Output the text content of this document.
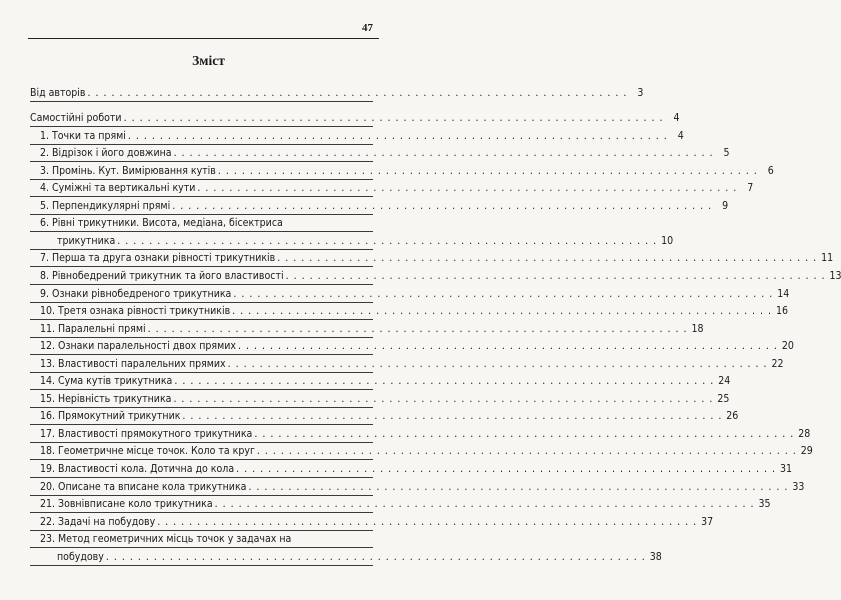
47
Зміст
Від авторів . . .	3
Самостійні роботи . . .	4
1. Точки та прямі . . .	4
2. Відрізок і його довжина . . .	5
3. Промінь. Кут. Вимірювання кутів . . .	6
4. Суміжні та вертикальні кути . . .	7
5. Перпендикулярні прямі . . .	9
6. Рівні трикутники. Висота, медіана, бісектриса
трикутника . . .	10
7. Перша та друга ознаки рівності трикутників . . .	11
8. Рівнобедрений трикутник та його властивості . . .	13
9. Ознаки рівнобедреного трикутника . . .	14
10. Третя ознака рівності трикутників . . .	16
11. Паралельні прямі . . .	18
12. Ознаки паралельності двох прямих . . .	20
13. Властивості паралельних прямих . . .	22
14. Сума кутів трикутника . . .	24
15. Нерівність трикутника . . .	25
16. Прямокутний трикутник . . .	26
17. Властивості прямокутного трикутника . . .	28
18. Геометричне місце точок. Коло та круг . . .	29
19. Властивості кола. Дотична до кола . . .	31
20. Описане та вписане кола трикутника . . .	33
21. Зовнівписане коло трикутника . . .	35
22. Задачі на побудову . . .	37
23. Метод геометричних місць точок у задачах на
побудову . . .	38
